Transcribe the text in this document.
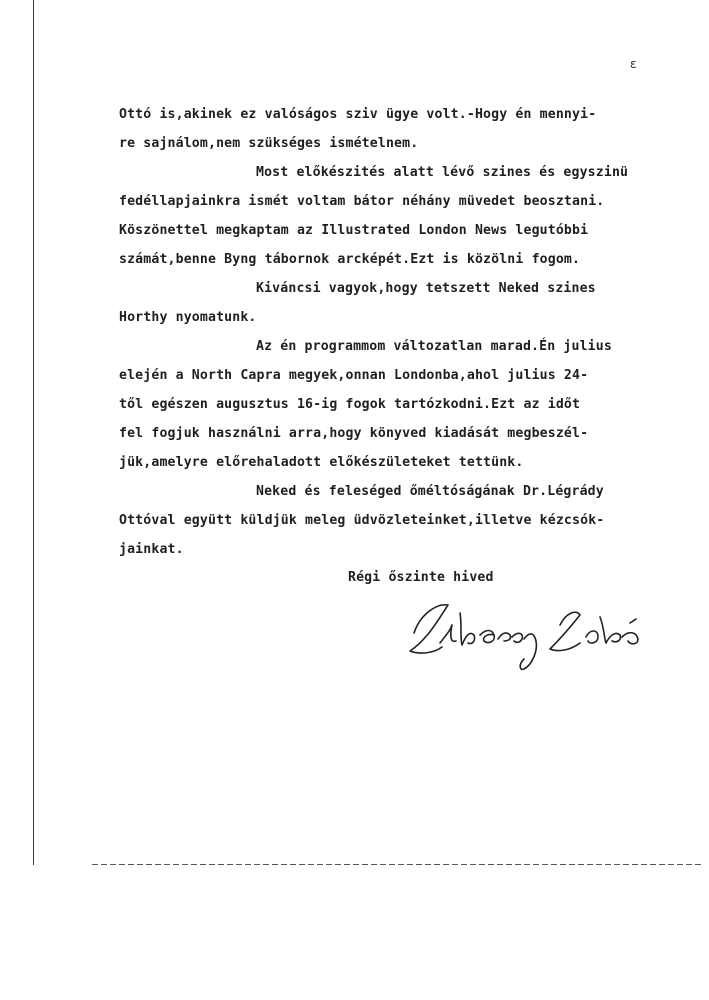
ε
Ottó is,akinek ez valóságos sziv ügye volt.-Hogy én mennyi-
re sajnálom,nem szükséges ismételnem.
Most előkészités alatt lévő szines és egyszinü
fedéllapjainkra ismét voltam bátor néhány müvedet beosztani.
Köszönettel megkaptam az Illustrated London News legutóbbi
számát,benne Byng tábornok arcképét.Ezt is közölni fogom.
Kiváncsi vagyok,hogy tetszett Neked szines
Horthy nyomatunk.
Az én programmom változatlan marad.Én julius
elején a North Capra megyek,onnan Londonba,ahol julius 24-
től egészen augusztus 16-ig fogok tartózkodni.Ezt az időt
fel fogjuk használni arra,hogy könyved kiadását megbeszél-
jük,amelyre előrehaladott előkészületeket tettünk.
Neked és feleséged őméltóságának Dr.Légrády
Ottóval együtt küldjük meleg üdvözleteinket,illetve kézcsók-
jainkat.
Régi őszinte hived
